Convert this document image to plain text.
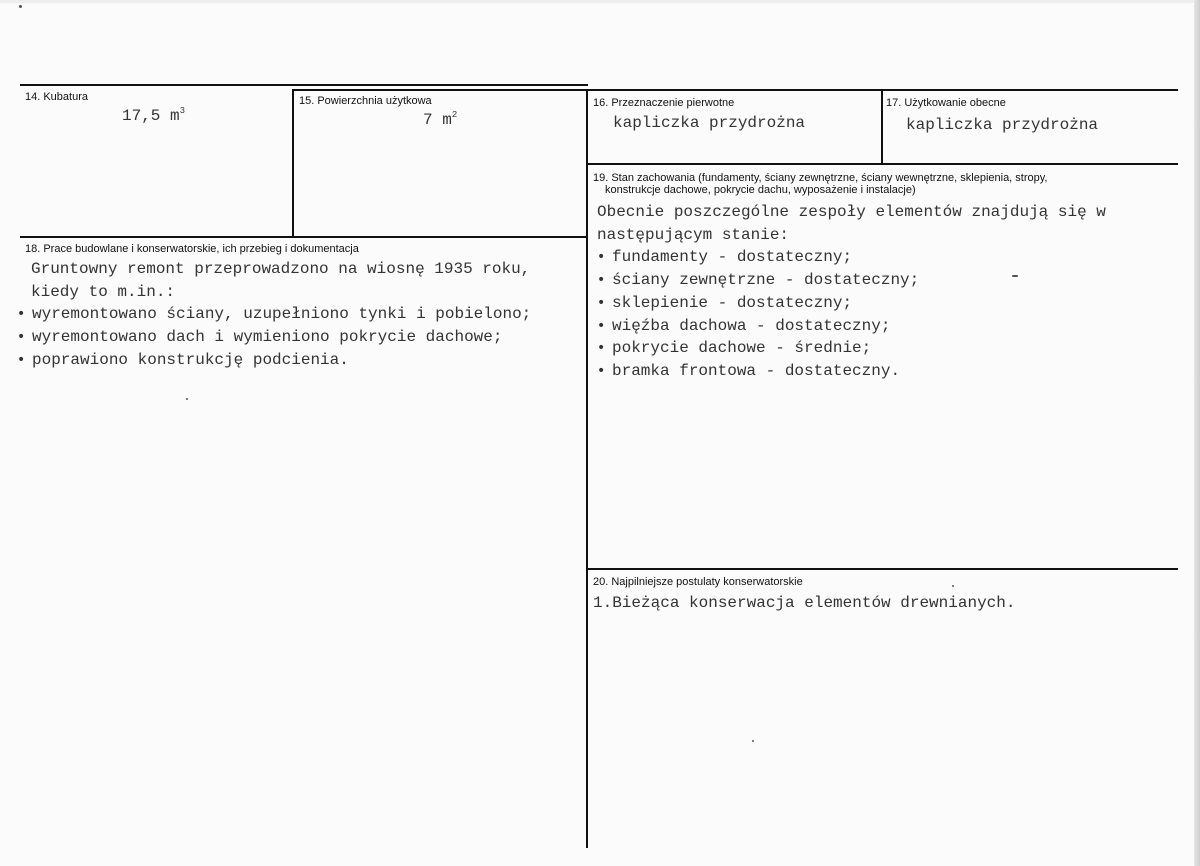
14. Kubatura
17,5 $m^3$
15. Powierzchnia użytkowa
7 $m^2$
16. Przeznaczenie pierwotne
kapliczka przydrożna
17. Użytkowanie obecne
kapliczka przydrożna
18. Prace budowlane i konserwatorskie, ich przebieg i dokumentacja
Gruntowny remont przeprowadzono na wiosnę 1935 roku,
kiedy to m.in.:
• wyremontowano ściany, uzupełniono tynki i pobielono;
• wyremontowano dach i wymieniono pokrycie dachowe;
• poprawiono konstrukcję podcienia.
19. Stan zachowania (fundamenty, ściany zewnętrzne, ściany wewnętrzne, sklepienia, stropy,
konstrukcje dachowe, pokrycie dachu, wyposażenie i instalacje)
Obecnie poszczególne zespoły elementów znajdują się w
następującym stanie:
• fundamenty - dostateczny;
• ściany zewnętrzne - dostateczny;
• sklepienie - dostateczny;
• więźba dachowa - dostateczny;
• pokrycie dachowe - średnie;
• bramka frontowa - dostateczny.
20. Najpilniejsze postulaty konserwatorskie
1.Bieżąca konserwacja elementów drewnianych.
